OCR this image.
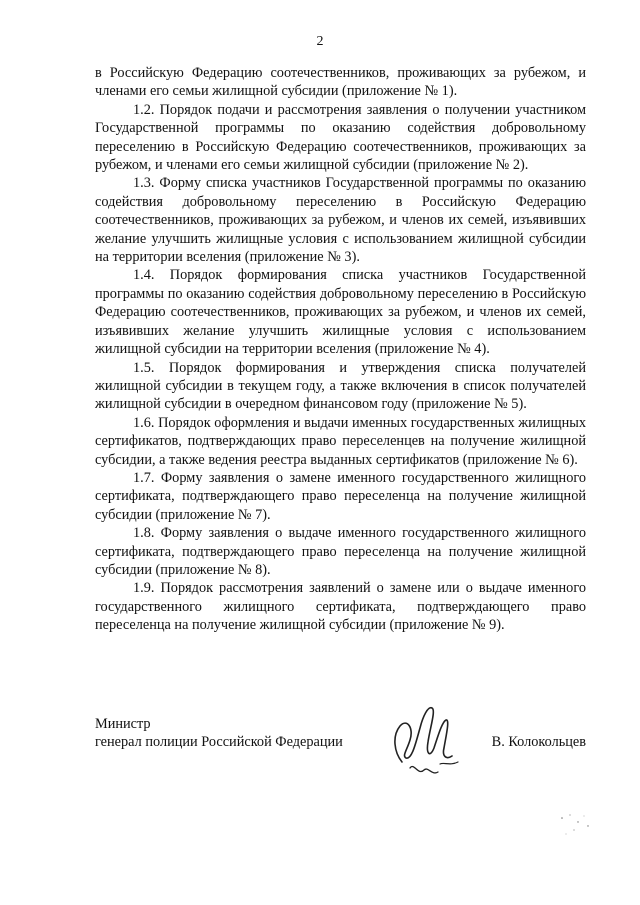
2

в Российскую Федерацию соотечественников, проживающих за рубежом, и членами его семьи жилищной субсидии (приложение № 1).

1.2. Порядок подачи и рассмотрения заявления о получении участником Государственной программы по оказанию содействия добровольному переселению в Российскую Федерацию соотечественников, проживающих за рубежом, и членами его семьи жилищной субсидии (приложение № 2).

1.3. Форму списка участников Государственной программы по оказанию содействия добровольному переселению в Российскую Федерацию соотечественников, проживающих за рубежом, и членов их семей, изъявивших желание улучшить жилищные условия с использованием жилищной субсидии на территории вселения (приложение № 3).

1.4. Порядок формирования списка участников Государственной программы по оказанию содействия добровольному переселению в Российскую Федерацию соотечественников, проживающих за рубежом, и членов их семей, изъявивших желание улучшить жилищные условия с использованием жилищной субсидии на территории вселения (приложение № 4).

1.5. Порядок формирования и утверждения списка получателей жилищной субсидии в текущем году, а также включения в список получателей жилищной субсидии в очередном финансовом году (приложение № 5).

1.6. Порядок оформления и выдачи именных государственных жилищных сертификатов, подтверждающих право переселенцев на получение жилищной субсидии, а также ведения реестра выданных сертификатов (приложение № 6).

1.7. Форму заявления о замене именного государственного жилищного сертификата, подтверждающего право переселенца на получение жилищной субсидии (приложение № 7).

1.8. Форму заявления о выдаче именного государственного жилищного сертификата, подтверждающего право переселенца на получение жилищной субсидии (приложение № 8).

1.9. Порядок рассмотрения заявлений о замене или о выдаче именного государственного жилищного сертификата, подтверждающего право переселенца на получение жилищной субсидии (приложение № 9).

Министр
генерал полиции Российской Федерации	В. Колокольцев
